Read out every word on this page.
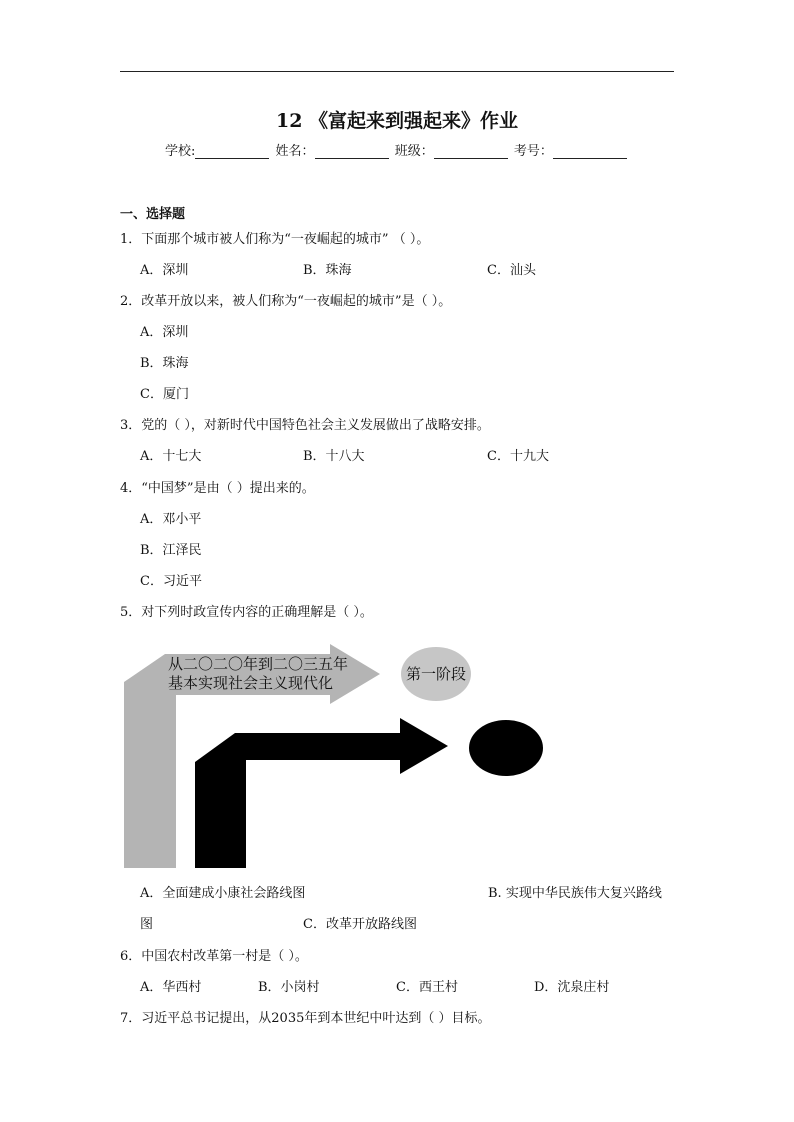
12 《富起来到强起来》作业
学校:	姓名：	班级：	考号：
一、选择题
1．下面那个城市被人们称为“一夜崛起的城市” （ ）。
A．深圳	B．珠海	C．汕头
2．改革开放以来，被人们称为“一夜崛起的城市”是（ ）。
A．深圳
B．珠海
C．厦门
3．党的（ ），对新时代中国特色社会主义发展做出了战略安排。
A．十七大	B．十八大	C．十九大
4．“中国梦”是由（ ）提出来的。
A．邓小平
B．江泽民
C．习近平
5．对下列时政宣传内容的正确理解是（ ）。
从二〇二〇年到二〇三五年
基本实现社会主义现代化	第一阶段
A．全面建成小康社会路线图	B. 实现中华民族伟大复兴路线
图	C．改革开放路线图
6．中国农村改革第一村是（ ）。
A．华西村	B．小岗村	C．西王村	D．沈泉庄村
7．习近平总书记提出，从2035年到本世纪中叶达到（ ）目标。
